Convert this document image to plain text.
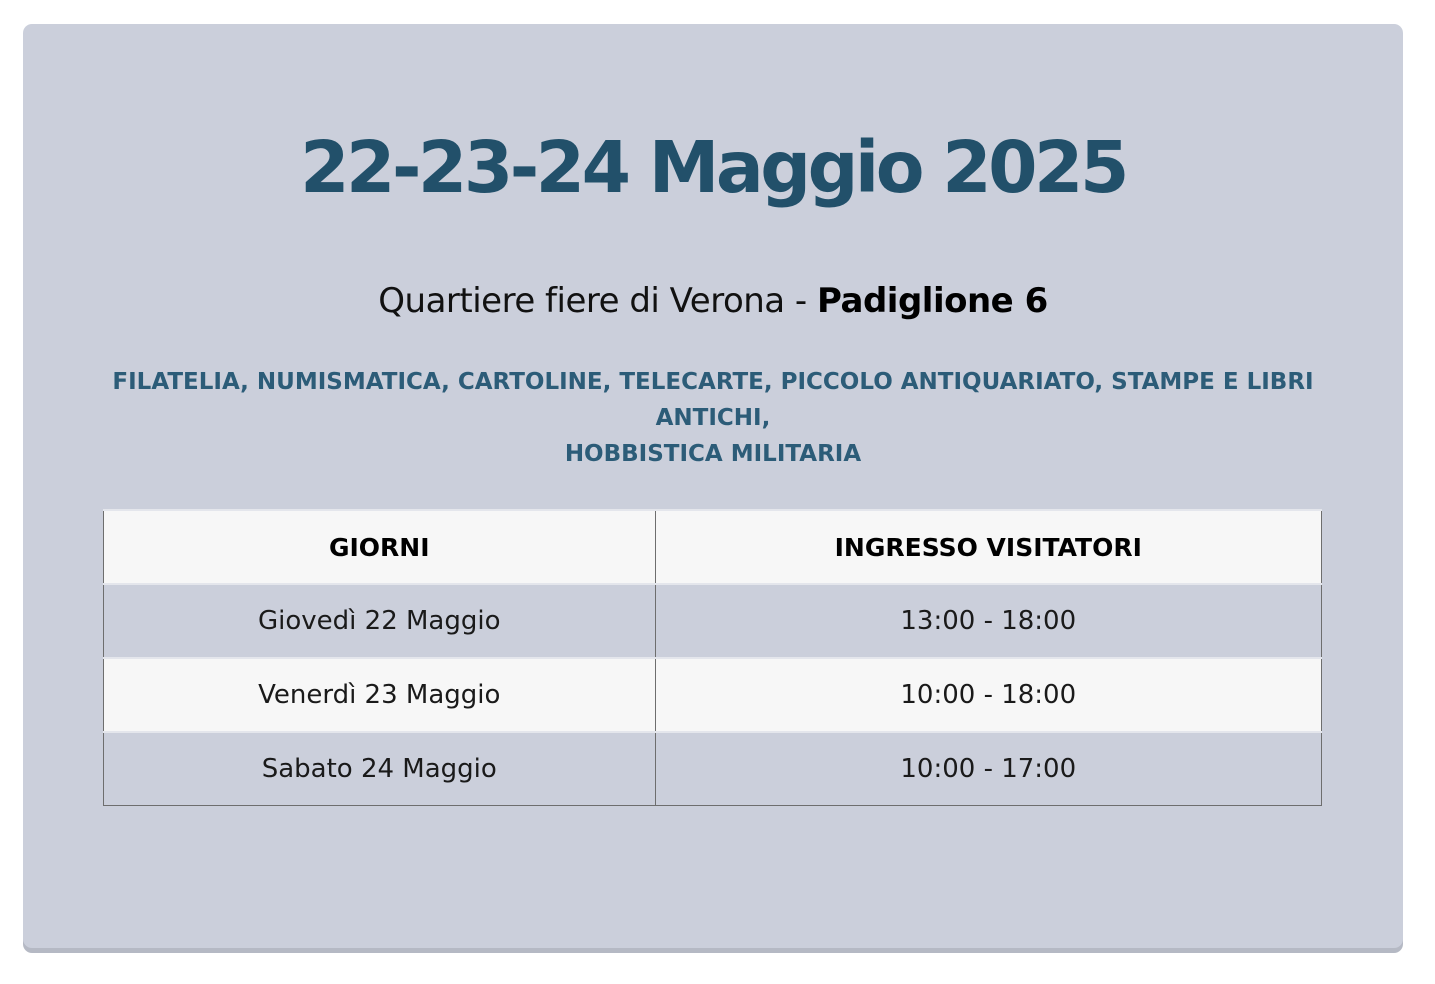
22-23-24 Maggio 2025
Quartiere fiere di Verona - Padiglione 6
FILATELIA, NUMISMATICA, CARTOLINE, TELECARTE, PICCOLO ANTIQUARIATO, STAMPE E LIBRI
ANTICHI,
HOBBISTICA MILITARIA
GIORNI	INGRESSO VISITATORI
Giovedì 22 Maggio	13:00 - 18:00
Venerdì 23 Maggio	10:00 - 18:00
Sabato 24 Maggio	10:00 - 17:00
